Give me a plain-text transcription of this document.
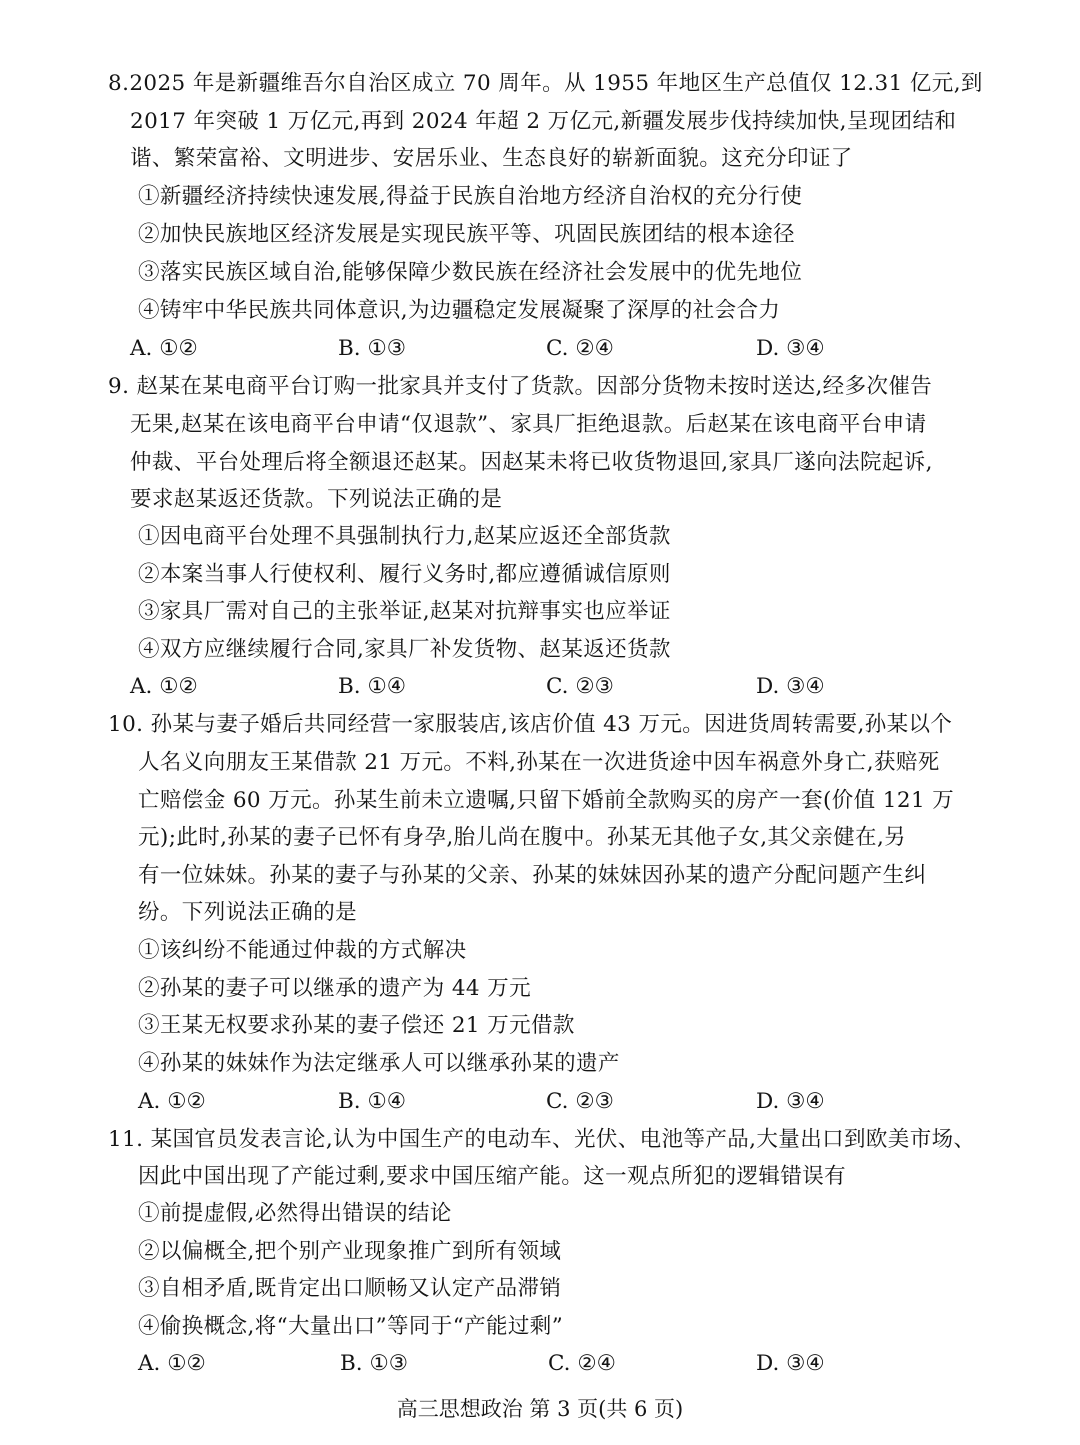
8.2025 年是新疆维吾尔自治区成立 70 周年。从 1955 年地区生产总值仅 12.31 亿元,到
2017 年突破 1 万亿元,再到 2024 年超 2 万亿元,新疆发展步伐持续加快,呈现团结和
谐、繁荣富裕、文明进步、安居乐业、生态良好的崭新面貌。这充分印证了
①新疆经济持续快速发展,得益于民族自治地方经济自治权的充分行使
②加快民族地区经济发展是实现民族平等、巩固民族团结的根本途径
③落实民族区域自治,能够保障少数民族在经济社会发展中的优先地位
④铸牢中华民族共同体意识,为边疆稳定发展凝聚了深厚的社会合力
A. ①②	B. ①③	C. ②④	D. ③④
9. 赵某在某电商平台订购一批家具并支付了货款。因部分货物未按时送达,经多次催告
无果,赵某在该电商平台申请“仅退款”、家具厂拒绝退款。后赵某在该电商平台申请
仲裁、平台处理后将全额退还赵某。因赵某未将已收货物退回,家具厂遂向法院起诉,
要求赵某返还货款。下列说法正确的是
①因电商平台处理不具强制执行力,赵某应返还全部货款
②本案当事人行使权利、履行义务时,都应遵循诚信原则
③家具厂需对自己的主张举证,赵某对抗辩事实也应举证
④双方应继续履行合同,家具厂补发货物、赵某返还货款
A. ①②	B. ①④	C. ②③	D. ③④
10. 孙某与妻子婚后共同经营一家服装店,该店价值 43 万元。因进货周转需要,孙某以个
人名义向朋友王某借款 21 万元。不料,孙某在一次进货途中因车祸意外身亡,获赔死
亡赔偿金 60 万元。孙某生前未立遗嘱,只留下婚前全款购买的房产一套(价值 121 万
元);此时,孙某的妻子已怀有身孕,胎儿尚在腹中。孙某无其他子女,其父亲健在,另
有一位妹妹。孙某的妻子与孙某的父亲、孙某的妹妹因孙某的遗产分配问题产生纠
纷。下列说法正确的是
①该纠纷不能通过仲裁的方式解决
②孙某的妻子可以继承的遗产为 44 万元
③王某无权要求孙某的妻子偿还 21 万元借款
④孙某的妹妹作为法定继承人可以继承孙某的遗产
A. ①②	B. ①④	C. ②③	D. ③④
11. 某国官员发表言论,认为中国生产的电动车、光伏、电池等产品,大量出口到欧美市场、
因此中国出现了产能过剩,要求中国压缩产能。这一观点所犯的逻辑错误有
①前提虚假,必然得出错误的结论
②以偏概全,把个别产业现象推广到所有领域
③自相矛盾,既肯定出口顺畅又认定产品滞销
④偷换概念,将“大量出口”等同于“产能过剩”
A. ①②	B. ①③	C. ②④	D. ③④
高三思想政治 第 3 页(共 6 页)
